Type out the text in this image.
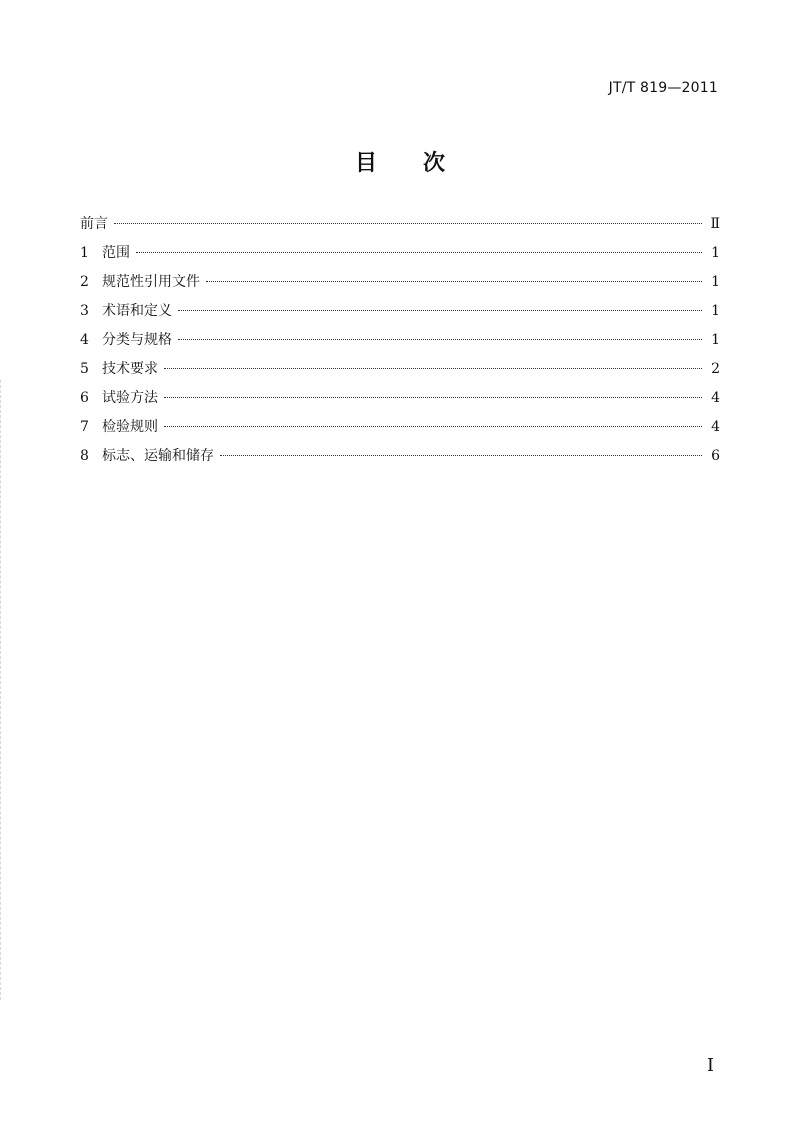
JT/T 819—2011
目次
前言	Ⅱ
1 范围	1
2 规范性引用文件	1
3 术语和定义	1
4 分类与规格	1
5 技术要求	2
6 试验方法	4
7 检验规则	4
8 标志、运输和储存	6
I
